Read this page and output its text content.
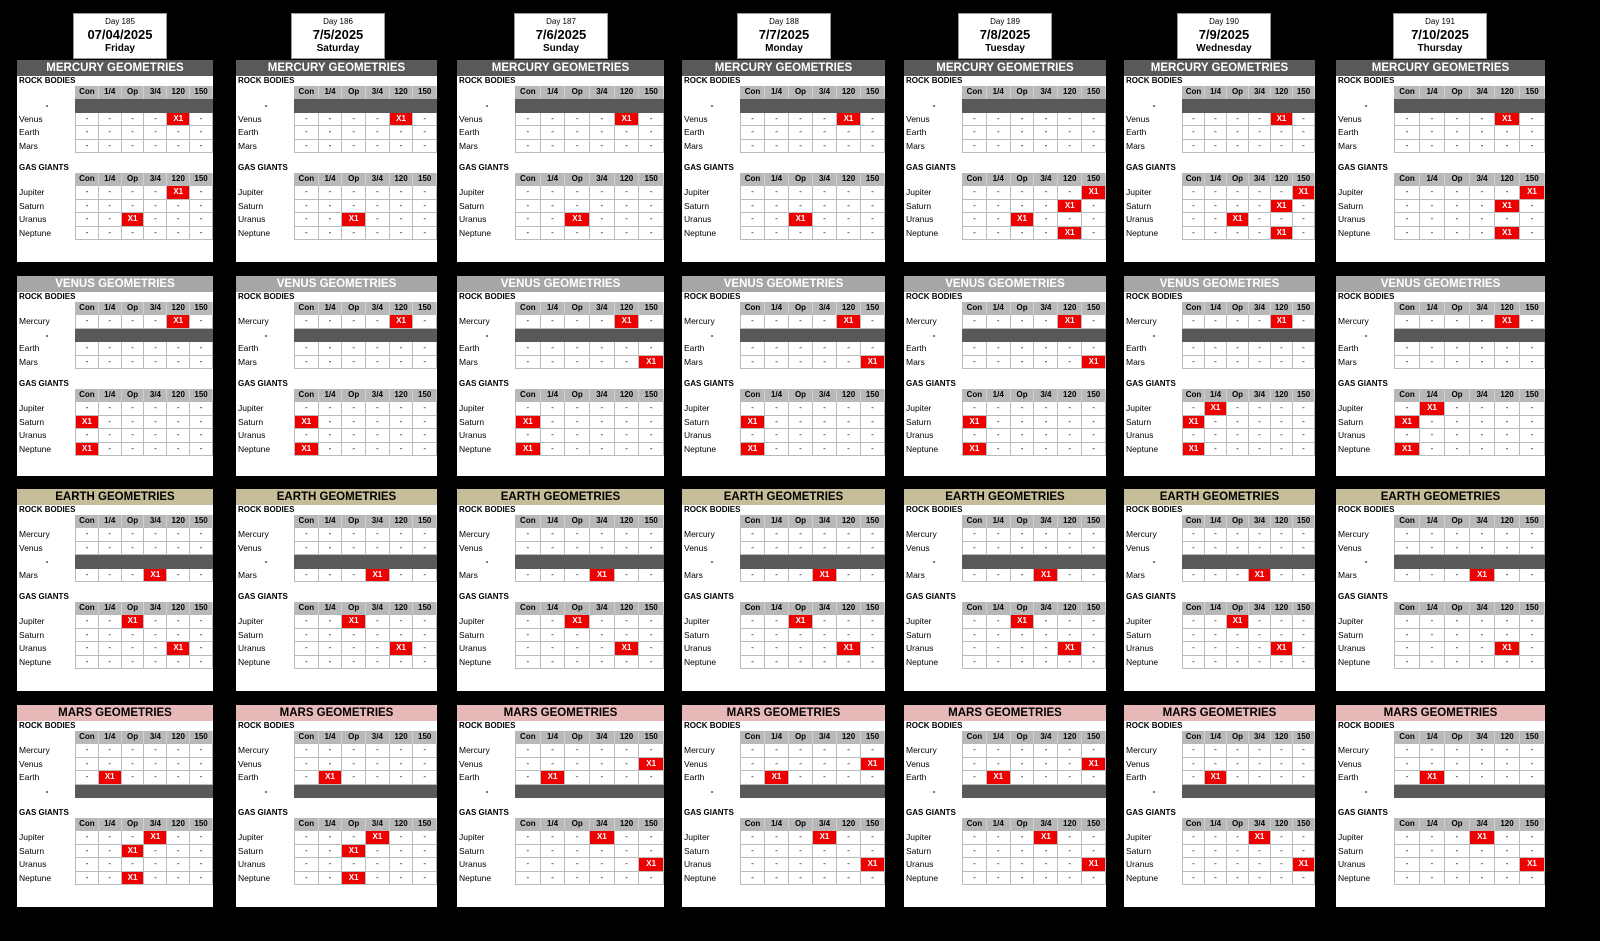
Day 185
07/04/2025
Friday
MERCURY GEOMETRIES
ROCK BODIES
Con	1/4	Op	3/4	120	150
-
Venus	-	-	-	-	X1	-
Earth	-	-	-	-	-	-
Mars	-	-	-	-	-	-
GAS GIANTS
Con	1/4	Op	3/4	120	150
Jupiter	-	-	-	-	X1	-
Saturn	-	-	-	-	-	-
Uranus	-	-	X1	-	-	-
Neptune	-	-	-	-	-	-
VENUS GEOMETRIES
ROCK BODIES
Con	1/4	Op	3/4	120	150
Mercury	-	-	-	-	X1	-
-
Earth	-	-	-	-	-	-
Mars	-	-	-	-	-	-
GAS GIANTS
Con	1/4	Op	3/4	120	150
Jupiter	-	-	-	-	-	-
Saturn	X1	-	-	-	-	-
Uranus	-	-	-	-	-	-
Neptune	X1	-	-	-	-	-
EARTH GEOMETRIES
ROCK BODIES
Con	1/4	Op	3/4	120	150
Mercury	-	-	-	-	-	-
Venus	-	-	-	-	-	-
-
Mars	-	-	-	X1	-	-
GAS GIANTS
Con	1/4	Op	3/4	120	150
Jupiter	-	-	X1	-	-	-
Saturn	-	-	-	-	-	-
Uranus	-	-	-	-	X1	-
Neptune	-	-	-	-	-	-
MARS GEOMETRIES
ROCK BODIES
Con	1/4	Op	3/4	120	150
Mercury	-	-	-	-	-	-
Venus	-	-	-	-	-	-
Earth	-	X1	-	-	-	-
-
GAS GIANTS
Con	1/4	Op	3/4	120	150
Jupiter	-	-	-	X1	-	-
Saturn	-	-	X1	-	-	-
Uranus	-	-	-	-	-	-
Neptune	-	-	X1	-	-	-
Day 186
7/5/2025
Saturday
MERCURY GEOMETRIES
ROCK BODIES
Con	1/4	Op	3/4	120	150
-
Venus	-	-	-	-	X1	-
Earth	-	-	-	-	-	-
Mars	-	-	-	-	-	-
GAS GIANTS
Con	1/4	Op	3/4	120	150
Jupiter	-	-	-	-	-	-
Saturn	-	-	-	-	-	-
Uranus	-	-	X1	-	-	-
Neptune	-	-	-	-	-	-
VENUS GEOMETRIES
ROCK BODIES
Con	1/4	Op	3/4	120	150
Mercury	-	-	-	-	X1	-
-
Earth	-	-	-	-	-	-
Mars	-	-	-	-	-	-
GAS GIANTS
Con	1/4	Op	3/4	120	150
Jupiter	-	-	-	-	-	-
Saturn	X1	-	-	-	-	-
Uranus	-	-	-	-	-	-
Neptune	X1	-	-	-	-	-
EARTH GEOMETRIES
ROCK BODIES
Con	1/4	Op	3/4	120	150
Mercury	-	-	-	-	-	-
Venus	-	-	-	-	-	-
-
Mars	-	-	-	X1	-	-
GAS GIANTS
Con	1/4	Op	3/4	120	150
Jupiter	-	-	X1	-	-	-
Saturn	-	-	-	-	-	-
Uranus	-	-	-	-	X1	-
Neptune	-	-	-	-	-	-
MARS GEOMETRIES
ROCK BODIES
Con	1/4	Op	3/4	120	150
Mercury	-	-	-	-	-	-
Venus	-	-	-	-	-	-
Earth	-	X1	-	-	-	-
-
GAS GIANTS
Con	1/4	Op	3/4	120	150
Jupiter	-	-	-	X1	-	-
Saturn	-	-	X1	-	-	-
Uranus	-	-	-	-	-	-
Neptune	-	-	X1	-	-	-
Day 187
7/6/2025
Sunday
MERCURY GEOMETRIES
ROCK BODIES
Con	1/4	Op	3/4	120	150
-
Venus	-	-	-	-	X1	-
Earth	-	-	-	-	-	-
Mars	-	-	-	-	-	-
GAS GIANTS
Con	1/4	Op	3/4	120	150
Jupiter	-	-	-	-	-	-
Saturn	-	-	-	-	-	-
Uranus	-	-	X1	-	-	-
Neptune	-	-	-	-	-	-
VENUS GEOMETRIES
ROCK BODIES
Con	1/4	Op	3/4	120	150
Mercury	-	-	-	-	X1	-
-
Earth	-	-	-	-	-	-
Mars	-	-	-	-	-	X1
GAS GIANTS
Con	1/4	Op	3/4	120	150
Jupiter	-	-	-	-	-	-
Saturn	X1	-	-	-	-	-
Uranus	-	-	-	-	-	-
Neptune	X1	-	-	-	-	-
EARTH GEOMETRIES
ROCK BODIES
Con	1/4	Op	3/4	120	150
Mercury	-	-	-	-	-	-
Venus	-	-	-	-	-	-
-
Mars	-	-	-	X1	-	-
GAS GIANTS
Con	1/4	Op	3/4	120	150
Jupiter	-	-	X1	-	-	-
Saturn	-	-	-	-	-	-
Uranus	-	-	-	-	X1	-
Neptune	-	-	-	-	-	-
MARS GEOMETRIES
ROCK BODIES
Con	1/4	Op	3/4	120	150
Mercury	-	-	-	-	-	-
Venus	-	-	-	-	-	X1
Earth	-	X1	-	-	-	-
-
GAS GIANTS
Con	1/4	Op	3/4	120	150
Jupiter	-	-	-	X1	-	-
Saturn	-	-	-	-	-	-
Uranus	-	-	-	-	-	X1
Neptune	-	-	-	-	-	-
Day 188
7/7/2025
Monday
MERCURY GEOMETRIES
ROCK BODIES
Con	1/4	Op	3/4	120	150
-
Venus	-	-	-	-	X1	-
Earth	-	-	-	-	-	-
Mars	-	-	-	-	-	-
GAS GIANTS
Con	1/4	Op	3/4	120	150
Jupiter	-	-	-	-	-	-
Saturn	-	-	-	-	-	-
Uranus	-	-	X1	-	-	-
Neptune	-	-	-	-	-	-
VENUS GEOMETRIES
ROCK BODIES
Con	1/4	Op	3/4	120	150
Mercury	-	-	-	-	X1	-
-
Earth	-	-	-	-	-	-
Mars	-	-	-	-	-	X1
GAS GIANTS
Con	1/4	Op	3/4	120	150
Jupiter	-	-	-	-	-	-
Saturn	X1	-	-	-	-	-
Uranus	-	-	-	-	-	-
Neptune	X1	-	-	-	-	-
EARTH GEOMETRIES
ROCK BODIES
Con	1/4	Op	3/4	120	150
Mercury	-	-	-	-	-	-
Venus	-	-	-	-	-	-
-
Mars	-	-	-	X1	-	-
GAS GIANTS
Con	1/4	Op	3/4	120	150
Jupiter	-	-	X1	-	-	-
Saturn	-	-	-	-	-	-
Uranus	-	-	-	-	X1	-
Neptune	-	-	-	-	-	-
MARS GEOMETRIES
ROCK BODIES
Con	1/4	Op	3/4	120	150
Mercury	-	-	-	-	-	-
Venus	-	-	-	-	-	X1
Earth	-	X1	-	-	-	-
-
GAS GIANTS
Con	1/4	Op	3/4	120	150
Jupiter	-	-	-	X1	-	-
Saturn	-	-	-	-	-	-
Uranus	-	-	-	-	-	X1
Neptune	-	-	-	-	-	-
Day 189
7/8/2025
Tuesday
MERCURY GEOMETRIES
ROCK BODIES
Con	1/4	Op	3/4	120	150
-
Venus	-	-	-	-	-	-
Earth	-	-	-	-	-	-
Mars	-	-	-	-	-	-
GAS GIANTS
Con	1/4	Op	3/4	120	150
Jupiter	-	-	-	-	-	X1
Saturn	-	-	-	-	X1	-
Uranus	-	-	X1	-	-	-
Neptune	-	-	-	-	X1	-
VENUS GEOMETRIES
ROCK BODIES
Con	1/4	Op	3/4	120	150
Mercury	-	-	-	-	X1	-
-
Earth	-	-	-	-	-	-
Mars	-	-	-	-	-	X1
GAS GIANTS
Con	1/4	Op	3/4	120	150
Jupiter	-	-	-	-	-	-
Saturn	X1	-	-	-	-	-
Uranus	-	-	-	-	-	-
Neptune	X1	-	-	-	-	-
EARTH GEOMETRIES
ROCK BODIES
Con	1/4	Op	3/4	120	150
Mercury	-	-	-	-	-	-
Venus	-	-	-	-	-	-
-
Mars	-	-	-	X1	-	-
GAS GIANTS
Con	1/4	Op	3/4	120	150
Jupiter	-	-	X1	-	-	-
Saturn	-	-	-	-	-	-
Uranus	-	-	-	-	X1	-
Neptune	-	-	-	-	-	-
MARS GEOMETRIES
ROCK BODIES
Con	1/4	Op	3/4	120	150
Mercury	-	-	-	-	-	-
Venus	-	-	-	-	-	X1
Earth	-	X1	-	-	-	-
-
GAS GIANTS
Con	1/4	Op	3/4	120	150
Jupiter	-	-	-	X1	-	-
Saturn	-	-	-	-	-	-
Uranus	-	-	-	-	-	X1
Neptune	-	-	-	-	-	-
Day 190
7/9/2025
Wednesday
MERCURY GEOMETRIES
ROCK BODIES
Con	1/4	Op	3/4	120	150
-
Venus	-	-	-	-	X1	-
Earth	-	-	-	-	-	-
Mars	-	-	-	-	-	-
GAS GIANTS
Con	1/4	Op	3/4	120	150
Jupiter	-	-	-	-	-	X1
Saturn	-	-	-	-	X1	-
Uranus	-	-	X1	-	-	-
Neptune	-	-	-	-	X1	-
VENUS GEOMETRIES
ROCK BODIES
Con	1/4	Op	3/4	120	150
Mercury	-	-	-	-	X1	-
-
Earth	-	-	-	-	-	-
Mars	-	-	-	-	-	-
GAS GIANTS
Con	1/4	Op	3/4	120	150
Jupiter	-	X1	-	-	-	-
Saturn	X1	-	-	-	-	-
Uranus	-	-	-	-	-	-
Neptune	X1	-	-	-	-	-
EARTH GEOMETRIES
ROCK BODIES
Con	1/4	Op	3/4	120	150
Mercury	-	-	-	-	-	-
Venus	-	-	-	-	-	-
-
Mars	-	-	-	X1	-	-
GAS GIANTS
Con	1/4	Op	3/4	120	150
Jupiter	-	-	X1	-	-	-
Saturn	-	-	-	-	-	-
Uranus	-	-	-	-	X1	-
Neptune	-	-	-	-	-	-
MARS GEOMETRIES
ROCK BODIES
Con	1/4	Op	3/4	120	150
Mercury	-	-	-	-	-	-
Venus	-	-	-	-	-	-
Earth	-	X1	-	-	-	-
-
GAS GIANTS
Con	1/4	Op	3/4	120	150
Jupiter	-	-	-	X1	-	-
Saturn	-	-	-	-	-	-
Uranus	-	-	-	-	-	X1
Neptune	-	-	-	-	-	-
Day 191
7/10/2025
Thursday
MERCURY GEOMETRIES
ROCK BODIES
Con	1/4	Op	3/4	120	150
-
Venus	-	-	-	-	X1	-
Earth	-	-	-	-	-	-
Mars	-	-	-	-	-	-
GAS GIANTS
Con	1/4	Op	3/4	120	150
Jupiter	-	-	-	-	-	X1
Saturn	-	-	-	-	X1	-
Uranus	-	-	-	-	-	-
Neptune	-	-	-	-	X1	-
VENUS GEOMETRIES
ROCK BODIES
Con	1/4	Op	3/4	120	150
Mercury	-	-	-	-	X1	-
-
Earth	-	-	-	-	-	-
Mars	-	-	-	-	-	-
GAS GIANTS
Con	1/4	Op	3/4	120	150
Jupiter	-	X1	-	-	-	-
Saturn	X1	-	-	-	-	-
Uranus	-	-	-	-	-	-
Neptune	X1	-	-	-	-	-
EARTH GEOMETRIES
ROCK BODIES
Con	1/4	Op	3/4	120	150
Mercury	-	-	-	-	-	-
Venus	-	-	-	-	-	-
-
Mars	-	-	-	X1	-	-
GAS GIANTS
Con	1/4	Op	3/4	120	150
Jupiter	-	-	-	-	-	-
Saturn	-	-	-	-	-	-
Uranus	-	-	-	-	X1	-
Neptune	-	-	-	-	-	-
MARS GEOMETRIES
ROCK BODIES
Con	1/4	Op	3/4	120	150
Mercury	-	-	-	-	-	-
Venus	-	-	-	-	-	-
Earth	-	X1	-	-	-	-
-
GAS GIANTS
Con	1/4	Op	3/4	120	150
Jupiter	-	-	-	X1	-	-
Saturn	-	-	-	-	-	-
Uranus	-	-	-	-	-	X1
Neptune	-	-	-	-	-	-
